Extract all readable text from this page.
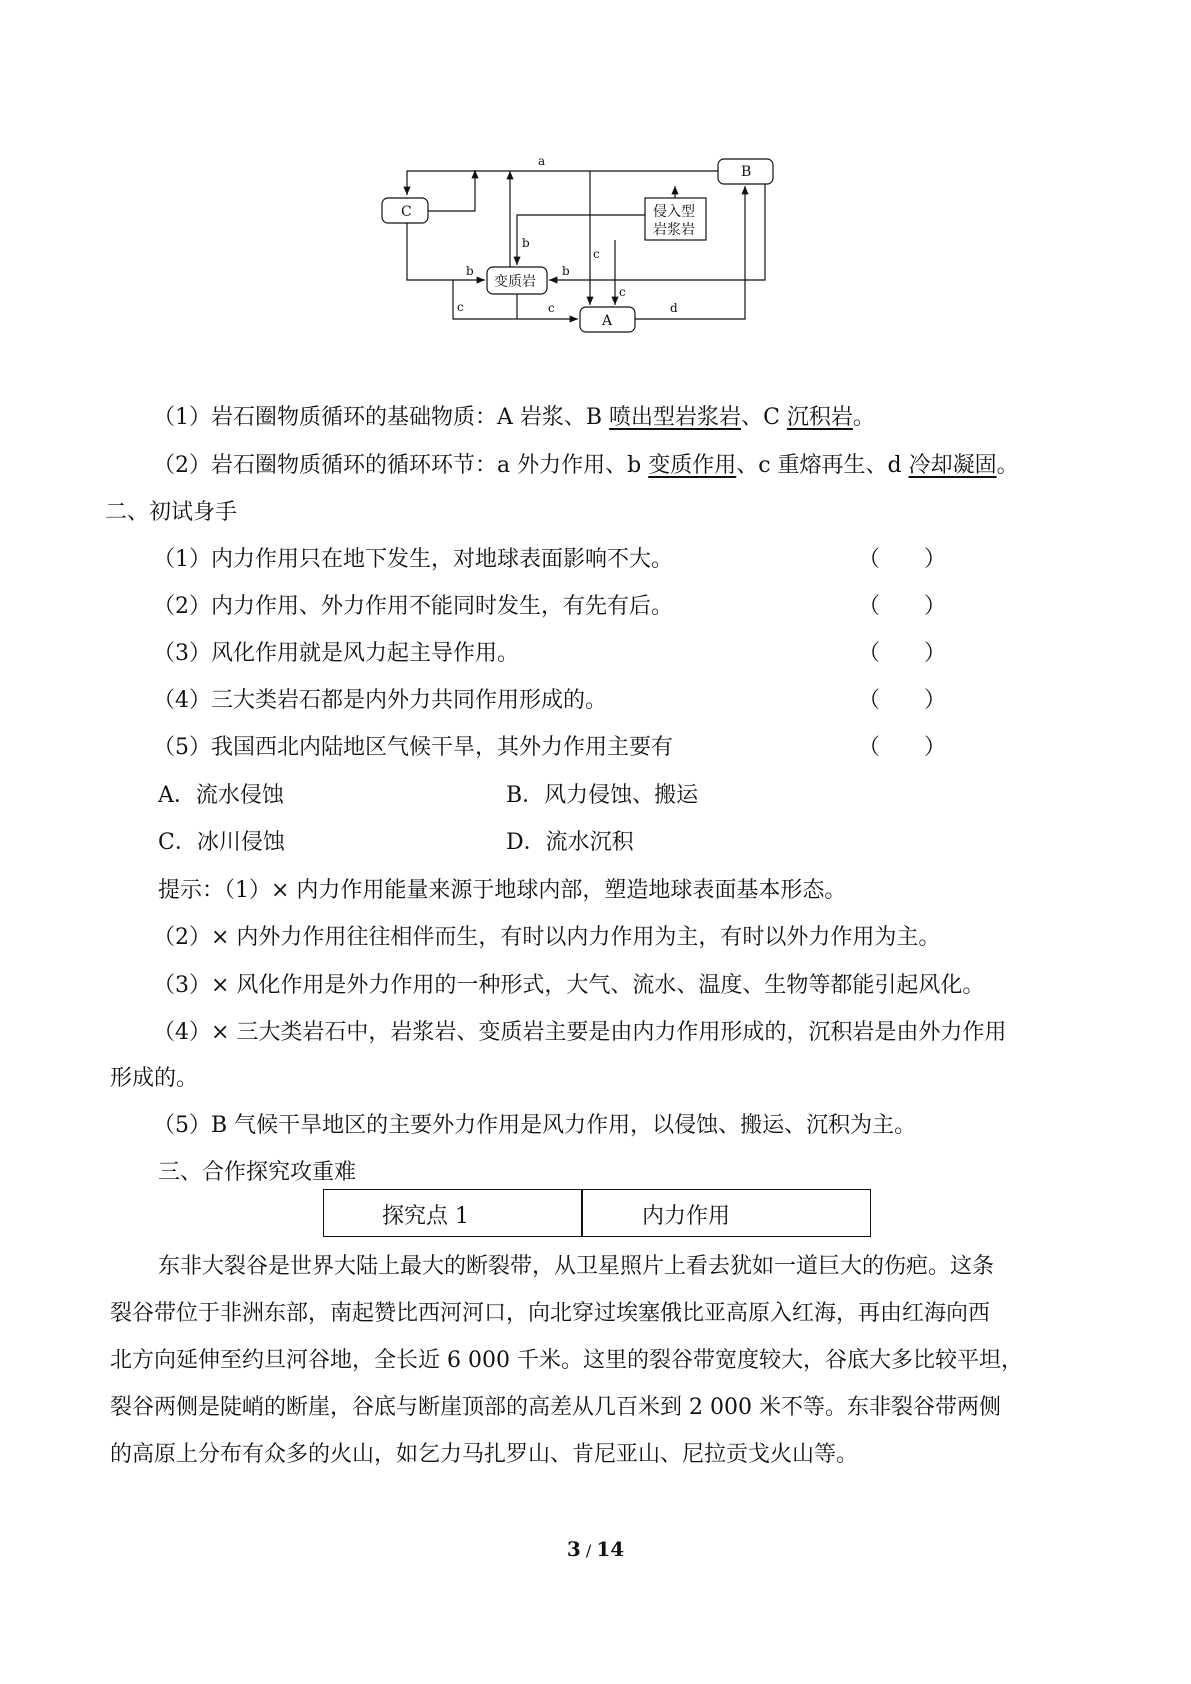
B
C	侵入型
岩浆岩
变质岩
A
a
b
b	b
c
c
c	c	d
（1）岩石圈物质循环的基础物质：A 岩浆、B 喷出型岩浆岩、C 沉积岩。
（2）岩石圈物质循环的循环环节：a 外力作用、b 变质作用、c 重熔再生、d 冷却凝固。
二、初试身手
（1）内力作用只在地下发生，对地球表面影响不大。	（　　）
（2）内力作用、外力作用不能同时发生，有先有后。	（　　）
（3）风化作用就是风力起主导作用。	（　　）
（4）三大类岩石都是内外力共同作用形成的。	（　　）
（5）我国西北内陆地区气候干旱，其外力作用主要有	（　　）
A．流水侵蚀	B．风力侵蚀、搬运
C．冰川侵蚀	D．流水沉积
提示：（1）× 内力作用能量来源于地球内部，塑造地球表面基本形态。
（2）× 内外力作用往往相伴而生，有时以内力作用为主，有时以外力作用为主。
（3）× 风化作用是外力作用的一种形式，大气、流水、温度、生物等都能引起风化。
（4）× 三大类岩石中，岩浆岩、变质岩主要是由内力作用形成的，沉积岩是由外力作用
形成的。
（5）B 气候干旱地区的主要外力作用是风力作用，以侵蚀、搬运、沉积为主。
三、合作探究攻重难
探究点 1	内力作用
东非大裂谷是世界大陆上最大的断裂带，从卫星照片上看去犹如一道巨大的伤疤。这条
裂谷带位于非洲东部，南起赞比西河河口，向北穿过埃塞俄比亚高原入红海，再由红海向西
北方向延伸至约旦河谷地，全长近 6 000 千米。这里的裂谷带宽度较大，谷底大多比较平坦，
裂谷两侧是陡峭的断崖，谷底与断崖顶部的高差从几百米到 2 000 米不等。东非裂谷带两侧
的高原上分布有众多的火山，如乞力马扎罗山、肯尼亚山、尼拉贡戈火山等。
3 / 14
